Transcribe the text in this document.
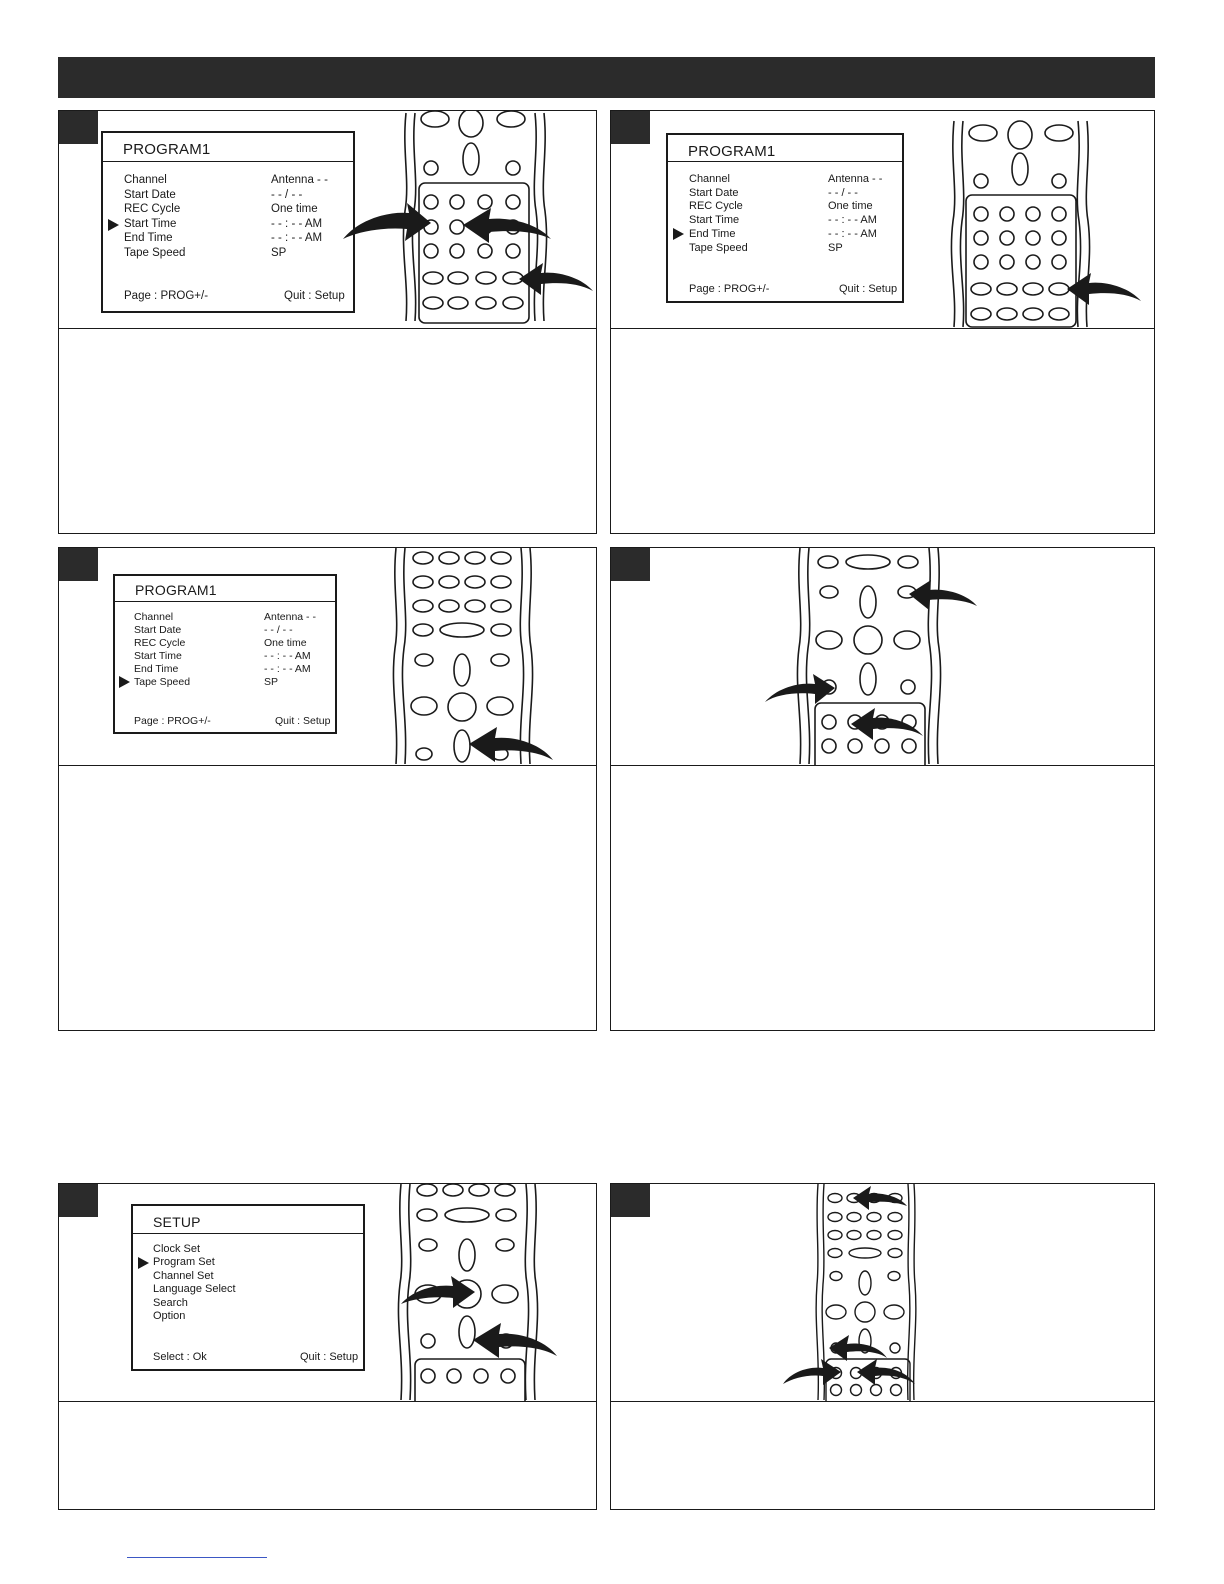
PROGRAM1
Channel	Antenna - -
Start Date	- - / - -
REC Cycle	One time
Start Time	- - : - - AM
End Time	- - : - - AM
Tape Speed	SP
Page : PROG+/-	Quit : Setup
PROGRAM1
Channel	Antenna - -
Start Date	- - / - -
REC Cycle	One time
Start Time	- - : - - AM
End Time	- - : - - AM
Tape Speed	SP
Page : PROG+/-	Quit : Setup
PROGRAM1
Channel	Antenna - -
Start Date	- - / - -
REC Cycle	One time
Start Time	- - : - - AM
End Time	- - : - - AM
Tape Speed	SP
Page : PROG+/-	Quit : Setup
SETUP
Clock Set
Program Set
Channel Set
Language Select
Search
Option
Select : Ok	Quit : Setup
